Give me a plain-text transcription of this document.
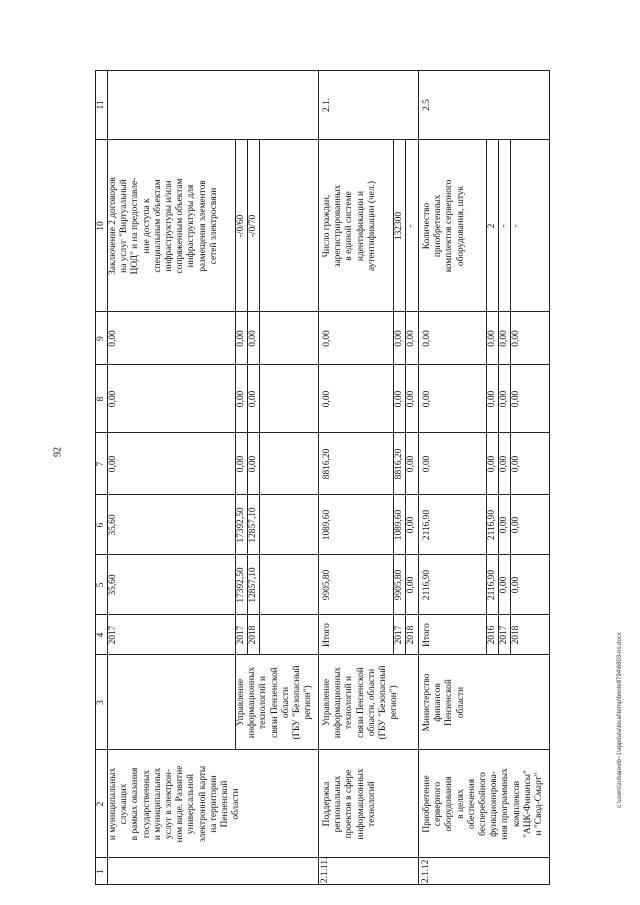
92
c:\users\zubarevib~1\appdata\local\temp\bnote8794\6803-ns.docx
1
2
3
4
5
6
7
8
9
10
11
и муниципальных
служащих
в рамках оказания
государственных
и муниципальных
услуг в электрон-
ном виде. Развитие
универсальной
электронной карты
на территории
Пензенской
области
2017
35,60
35,60
0,00
0,00
0,00
Заключение 2 договоров
на услуг "Виртуальный
ЦОД" и на предоставле-
ние доступа к
специальным объектам
инфраструктуры и/или
сопряженным объектам
инфраструктуры для
размещения элементов
сетей электросвязи
Управление
информационных
технологий и
связи Пензенской
области
(ГБУ "Безопасный
регион")
2017
17392,50
17392,50
0,00
0,00
0,00
-/0/60
2018
12857,10
12857,10
0,00
0,00
0,00
-/0/70
2.1.11.
Поддержка
региональных
проектов в сфере
информационных
технологий
Управление
информационных
технологий и
связи Пензенской
области, области
(ГБУ "Безопасный
регион")
Итого
9905,80
1089,60
8816,20
0,00
0,00
Число граждан,
зарегистрированных
в единой системе
идентификации и
аутентификации (чел.)
2.1.
2017
9905,80
1089,60
8816,20
0,00
0,00
132300
2018
0,00
0,00
0,00
0,00
0,00
-
2.1.12
Приобретение
серверного
оборудования
в целях
обеспечения
бесперебойного
функционирова-
ния программных
комплексов
"АЦК-Финансы"
и "Свод-Смарт"
Министерство
финансов
Пензенской
области
Итого
2116,90
2116,90
0,00
0,00
0,00
Количество
приобретенных
комплектов серверного
оборудования, штук
2.5
2016
2116,90
2116,90
0,00
0,00
0,00
2
2017
0,00
0,00
0,00
0,00
0,00
-
2018
0,00
0,00
0,00
0,00
0,00
-
